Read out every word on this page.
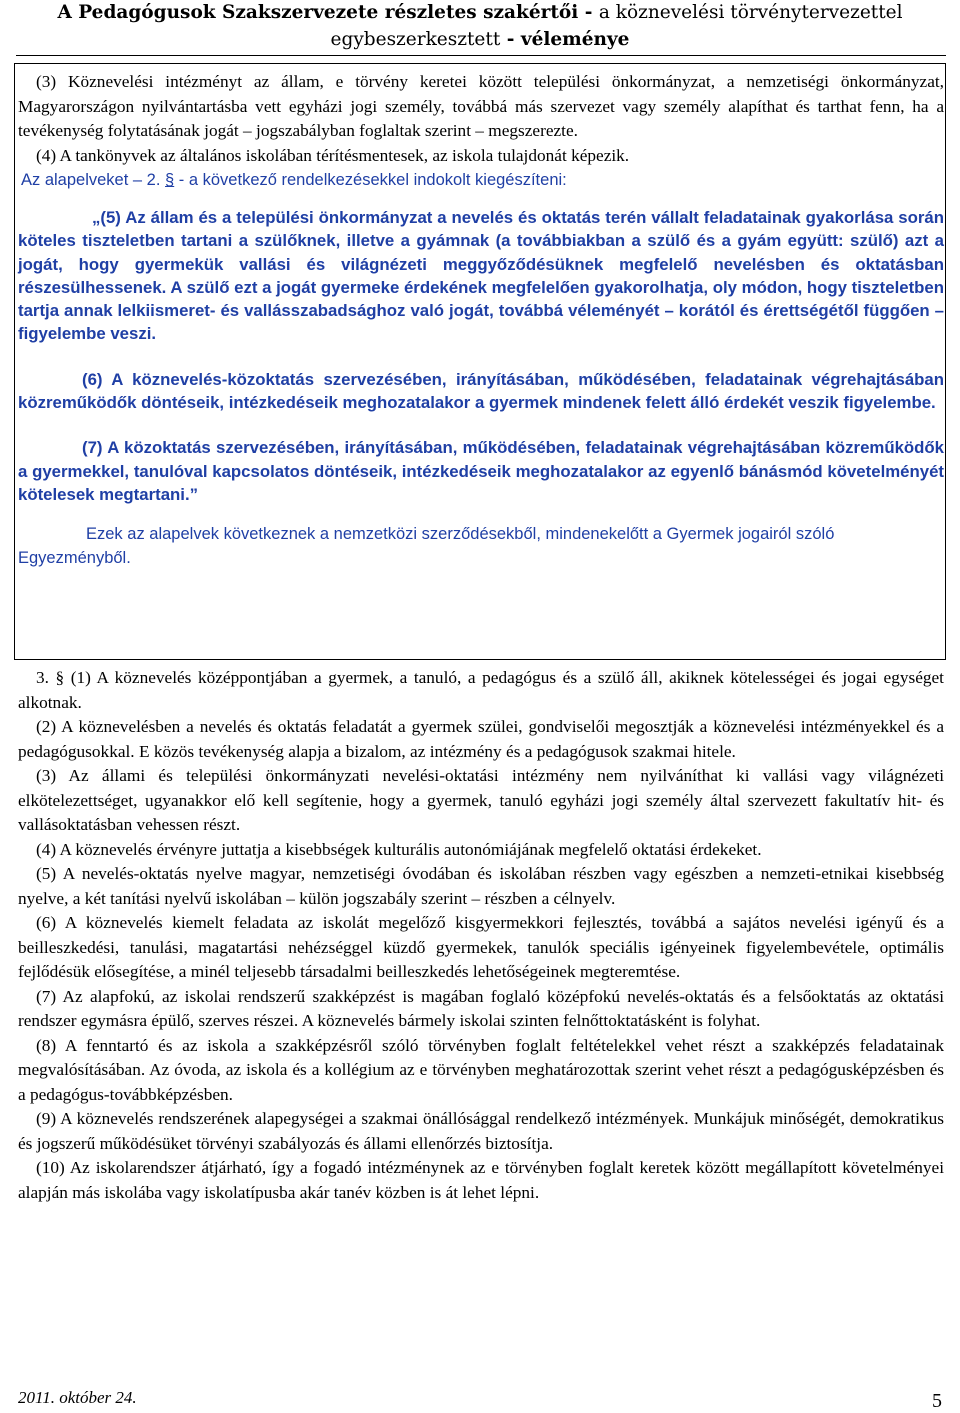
A Pedagógusok Szakszervezete részletes szakértői - a köznevelési törvénytervezettel
egybeszerkesztett - véleménye

(3) Köznevelési intézményt az állam, e törvény keretei között települési önkormányzat, a nemzetiségi önkormányzat, Magyarországon nyilvántartásba vett egyházi jogi személy, továbbá más szervezet vagy személy alapíthat és tarthat fenn, ha a tevékenység folytatásának jogát – jogszabályban foglaltak szerint – megszerezte.

(4) A tankönyvek az általános iskolában térítésmentesek, az iskola tulajdonát képezik.

Az alapelveket – 2. § - a következő rendelkezésekkel indokolt kiegészíteni:

„(5) Az állam és a települési önkormányzat a nevelés és oktatás terén vállalt feladatainak gyakorlása során köteles tiszteletben tartani a szülőknek, illetve a gyámnak (a továbbiakban a szülő és a gyám együtt: szülő) azt a jogát, hogy gyermekük vallási és világnézeti meggyőződésüknek megfelelő nevelésben és oktatásban részesülhessenek. A szülő ezt a jogát gyermeke érdekének megfelelően gyakorolhatja, oly módon, hogy tiszteletben tartja annak lelkiismeret- és vallásszabadsághoz való jogát, továbbá véleményét – korától és érettségétől függően – figyelembe veszi.

(6) A köznevelés-közoktatás szervezésében, irányításában, működésében, feladatainak végrehajtásában közreműködők döntéseik, intézkedéseik meghozatalakor a gyermek mindenek felett álló érdekét veszik figyelembe.

(7) A közoktatás szervezésében, irányításában, működésében, feladatainak végrehajtásában közreműködők a gyermekkel, tanulóval kapcsolatos döntéseik, intézkedéseik meghozatalakor az egyenlő bánásmód követelményét kötelesek megtartani.”

Ezek az alapelvek következnek a nemzetközi szerződésekből, mindenekelőtt a Gyermek jogairól szóló Egyezményből.

3. § (1) A köznevelés középpontjában a gyermek, a tanuló, a pedagógus és a szülő áll, akiknek kötelességei és jogai egységet alkotnak.

(2) A köznevelésben a nevelés és oktatás feladatát a gyermek szülei, gondviselői megosztják a köznevelési intézményekkel és a pedagógusokkal. E közös tevékenység alapja a bizalom, az intézmény és a pedagógusok szakmai hitele.

(3) Az állami és települési önkormányzati nevelési-oktatási intézmény nem nyilváníthat ki vallási vagy világnézeti elkötelezettséget, ugyanakkor elő kell segítenie, hogy a gyermek, tanuló egyházi jogi személy által szervezett fakultatív hit- és vallásoktatásban vehessen részt.

(4) A köznevelés érvényre juttatja a kisebbségek kulturális autonómiájának megfelelő oktatási érdekeket.

(5) A nevelés-oktatás nyelve magyar, nemzetiségi óvodában és iskolában részben vagy egészben a nemzeti-etnikai kisebbség nyelve, a két tanítási nyelvű iskolában – külön jogszabály szerint – részben a célnyelv.

(6) A köznevelés kiemelt feladata az iskolát megelőző kisgyermekkori fejlesztés, továbbá a sajátos nevelési igényű és a beilleszkedési, tanulási, magatartási nehézséggel küzdő gyermekek, tanulók speciális igényeinek figyelembevétele, optimális fejlődésük elősegítése, a minél teljesebb társadalmi beilleszkedés lehetőségeinek megteremtése.

(7) Az alapfokú, az iskolai rendszerű szakképzést is magában foglaló középfokú nevelés-oktatás és a felsőoktatás az oktatási rendszer egymásra épülő, szerves részei. A köznevelés bármely iskolai szinten felnőttoktatásként is folyhat.

(8) A fenntartó és az iskola a szakképzésről szóló törvényben foglalt feltételekkel vehet részt a szakképzés feladatainak megvalósításában. Az óvoda, az iskola és a kollégium az e törvényben meghatározottak szerint vehet részt a pedagógusképzésben és a pedagógus-továbbképzésben.

(9) A köznevelés rendszerének alapegységei a szakmai önállósággal rendelkező intézmények. Munkájuk minőségét, demokratikus és jogszerű működésüket törvényi szabályozás és állami ellenőrzés biztosítja.

(10) Az iskolarendszer átjárható, így a fogadó intézménynek az e törvényben foglalt keretek között megállapított követelményei alapján más iskolába vagy iskolatípusba akár tanév közben is át lehet lépni.

2011. október 24.	5
